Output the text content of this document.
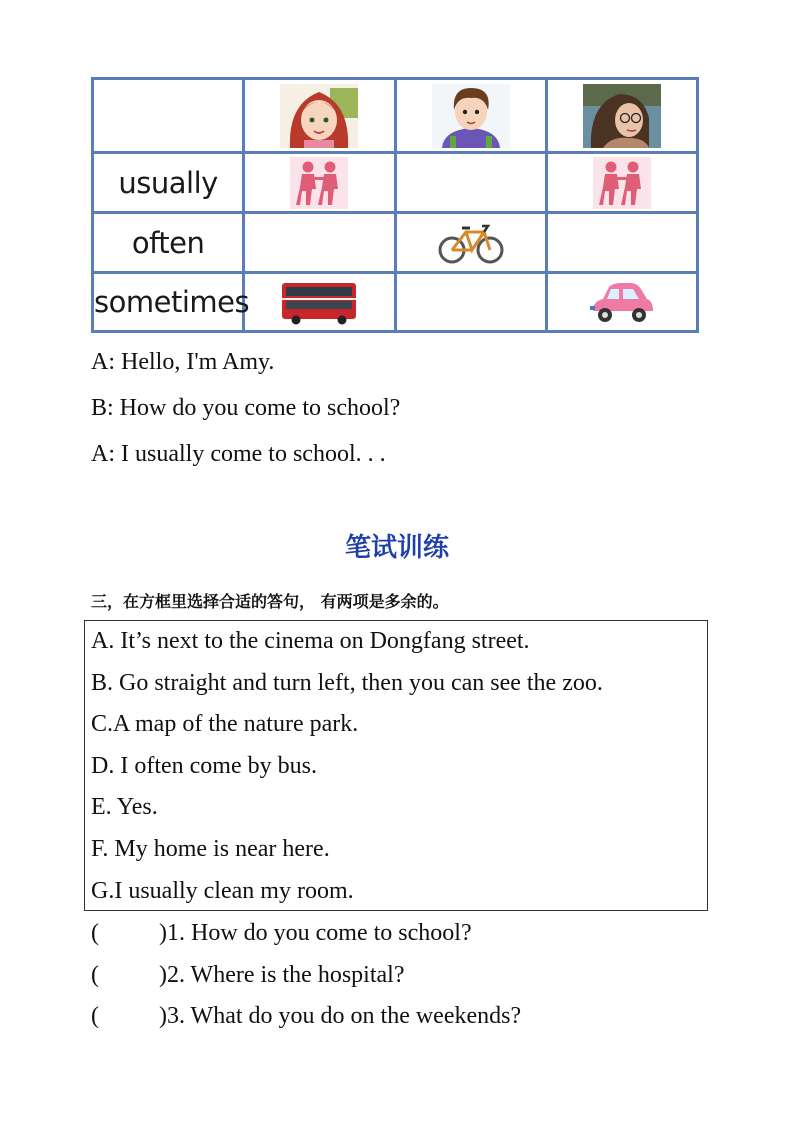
usually	

often		

sometimes	

A: Hello, I'm Amy.
B: How do you come to school?
A: I usually come to school. . .
笔试训练
三，在方框里选择合适的答句， 有两项是多余的。
A. It’s next to the cinema on Dongfang street.
B. Go straight and turn left, then you can see the zoo.
C.A map of the nature park.
D. I often come by bus.
E. Yes.
F. My home is near here.
G.I usually clean my room.
(	)1. How do you come to school?
(	)2. Where is the hospital?
(	)3. What do you do on the weekends?
